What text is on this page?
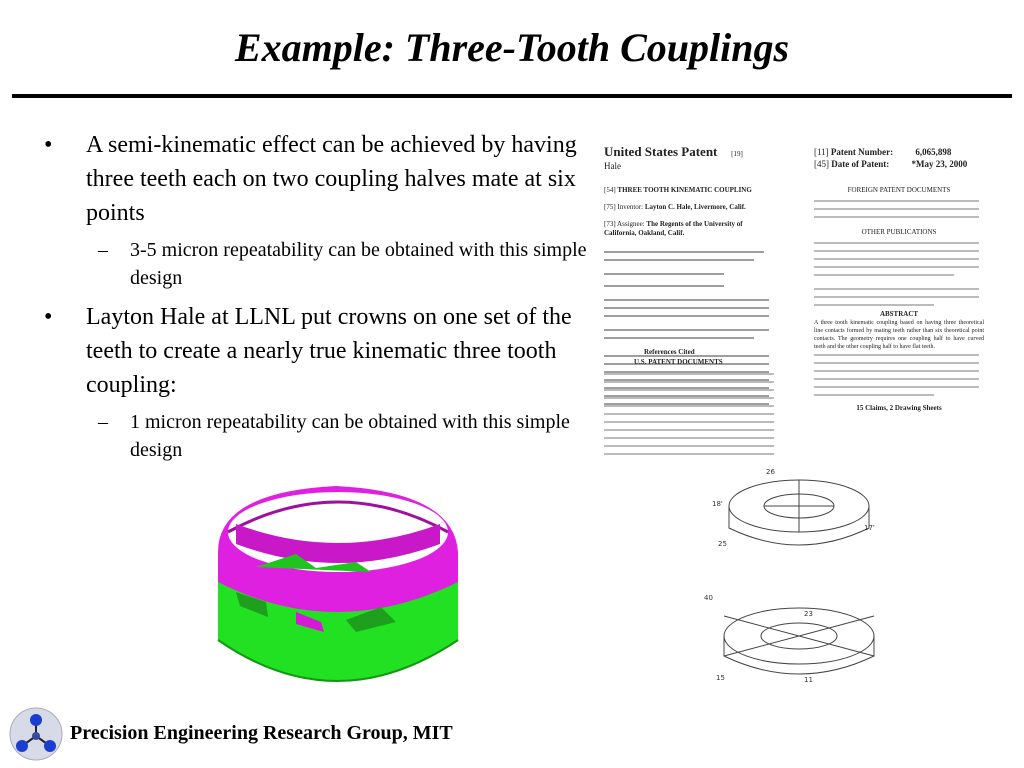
Example: Three-Tooth Couplings
• A semi-kinematic effect can be achieved by having three teeth each on two coupling halves mate at six points
– 3-5 micron repeatability can be obtained with this simple design
• Layton Hale at LLNL put crowns on one set of the teeth to create a nearly true kinematic three tooth coupling:
– 1 micron repeatability can be obtained with this simple design
United States Patent [19]
Hale
[11] Patent Number: 6,065,898
[45] Date of Patent: *May 23, 2000
[54] THREE TOOTH KINEMATIC COUPLING
[75] Inventor: Layton C. Hale, Livermore, Calif.
[73] Assignee: The Regents of the University of California, Oakland, Calif.
FOREIGN PATENT DOCUMENTS
OTHER PUBLICATIONS
ABSTRACT
A three tooth kinematic coupling based on having three theoretical line contacts formed by mating teeth rather than six theoretical point contacts. The geometry requires one coupling half to have curved teeth and the other coupling half to have flat teeth.
15 Claims, 2 Drawing Sheets
References Cited
U.S. PATENT DOCUMENTS
26
18'
17'
25
40
23
15	11
Precision Engineering Research Group, MIT
